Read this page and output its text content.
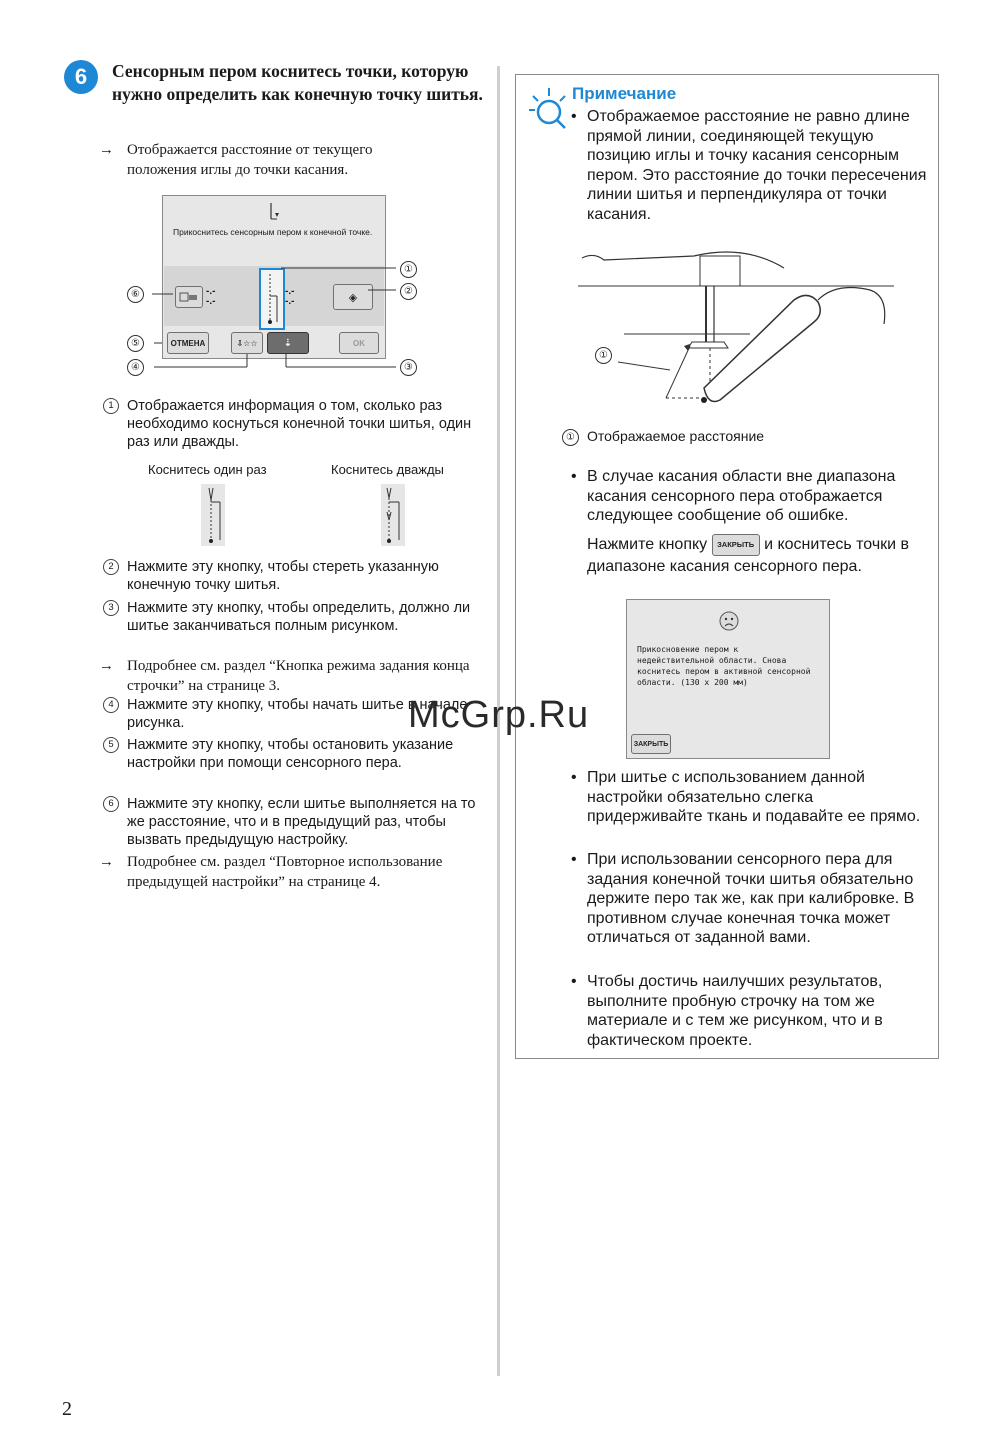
6	Сенсорным пером коснитесь точки, которую нужно определить как конечную точку шитья.
→ Отображается расстояние от текущего положения иглы до точки касания.
Прикоснитесь сенсорным пером к конечной точке.
-.-
-.-
-.-
-.-	◈
ОТМЕНА	⇩☆☆	⇣	OK
①
②
③
④
⑤
⑥
1 Отображается информация о том, сколько раз необходимо коснуться конечной точки шитья, один раз или дважды.
Коснитесь один раз	Коснитесь дважды
2 Нажмите эту кнопку, чтобы стереть указанную конечную точку шитья.
3 Нажмите эту кнопку, чтобы определить, должно ли шитье заканчиваться полным рисунком.
→ Подробнее см. раздел “Кнопка режима задания конца строчки” на странице 3.
4 Нажмите эту кнопку, чтобы начать шитье в начале рисунка.
5 Нажмите эту кнопку, чтобы остановить указание настройки при помощи сенсорного пера.
6 Нажмите эту кнопку, если шитье выполняется на то же расстояние, что и в предыдущий раз, чтобы вызвать предыдущую настройку.
→ Подробнее см. раздел “Повторное использование предыдущей настройки” на странице 4.
Примечание
• Отображаемое расстояние не равно длине прямой линии, соединяющей текущую позицию иглы и точку касания сенсорным пером. Это расстояние до точки пересечения линии шитья и перпендикуляра от точки касания.
①
① Отображаемое расстояние
• В случае касания области вне диапазона касания сенсорного пера отображается следующее сообщение об ошибке.
Нажмите кнопку ЗАКРЫТЬ и коснитесь точки в диапазоне касания сенсорного пера.
Прикосновение пером к недействительной области. Снова коснитесь пером в активной сенсорной области. (130 x 200 мм)
ЗАКРЫТЬ
• При шитье с использованием данной настройки обязательно слегка придерживайте ткань и подавайте ее прямо.
• При использовании сенсорного пера для задания конечной точки шитья обязательно держите перо так же, как при калибровке. В противном случае конечная точка может отличаться от заданной вами.
• Чтобы достичь наилучших результатов, выполните пробную строчку на том же материале и с тем же рисунком, что и в фактическом проекте.
McGrp.Ru
2
